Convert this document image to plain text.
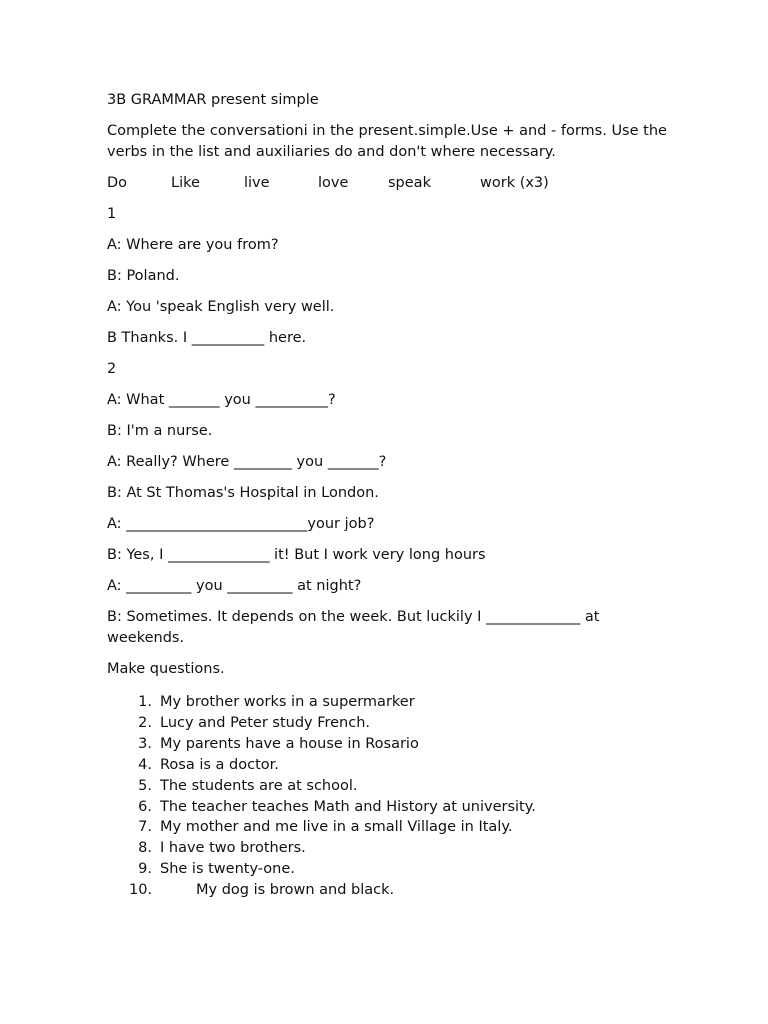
3B GRAMMAR present simple

Complete the conversationi in the present.simple.Use + and - forms. Use the verbs in the list and auxiliaries do and don't where necessary.

Do	Like	live	love	speak	work (x3)

1

A: Where are you from?

B: Poland.

A: You 'speak English very well.

B Thanks. I __________ here.

2

A: What _______ you __________?

B: I'm a nurse.

A: Really? Where ________ you _______?

B: At St Thomas's Hospital in London.

A: _________________________your job?

B: Yes, I ______________ it! But I work very long hours

A: _________ you _________ at night?

B: Sometimes. It depends on the week. But luckily I _____________ at weekends.

Make questions.

1. My brother works in a supermarker
2. Lucy and Peter study French.
3. My parents have a house in Rosario
4. Rosa is a doctor.
5. The students are at school.
6. The teacher teaches Math and History at university.
7. My mother and me live in a small Village in Italy.
8. I have two brothers.
9. She is twenty-one.
10.	My dog is brown and black.
